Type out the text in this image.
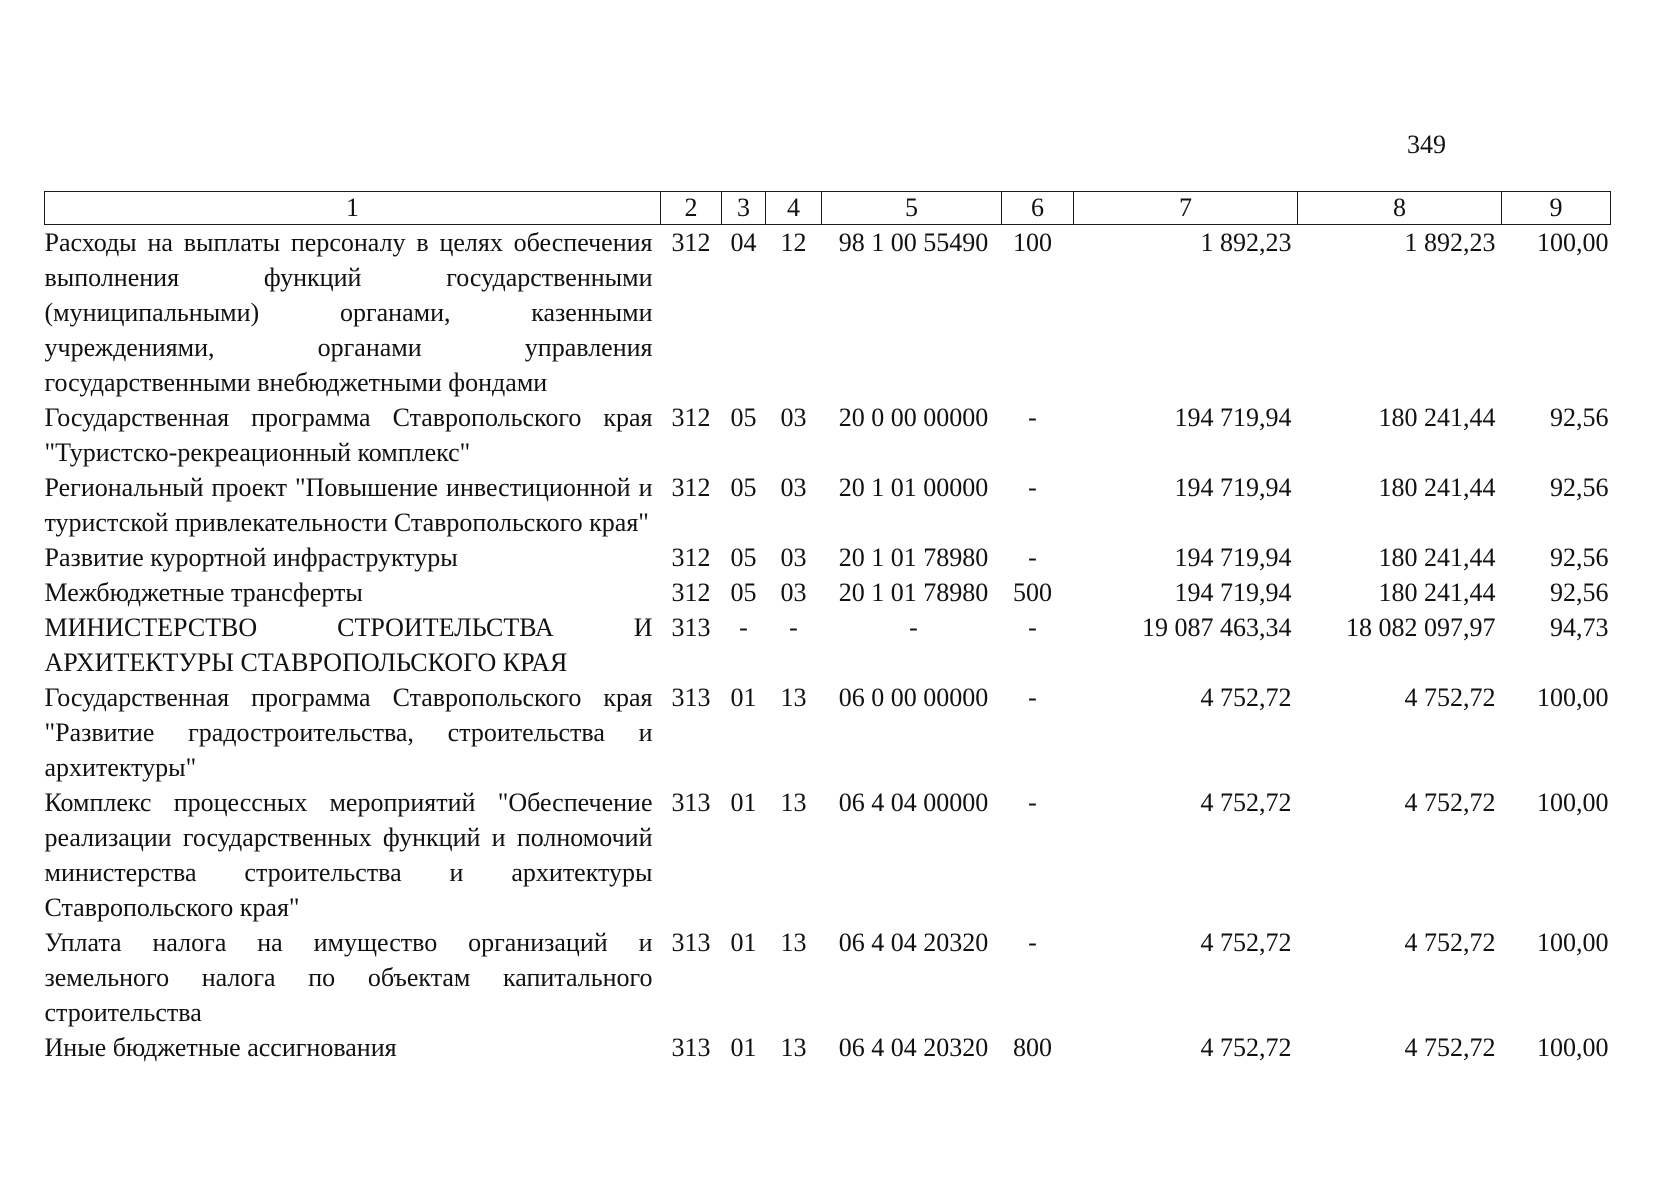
349
1	2	3	4	5	6	7	8	9
Расходы на выплаты персоналу в целях обеспечения выполнения функций государственными (муниципальными) органами, казенными учреждениями, органами управления государственными внебюджетными фондами	312	04	12	98 1 00 55490	100	1 892,23	1 892,23	100,00
Государственная программа Ставропольского края "Туристско-рекреационный комплекс"	312	05	03	20 0 00 00000	-	194 719,94	180 241,44	92,56
Региональный проект "Повышение инвестиционной и туристской привлекательности Ставропольского края"	312	05	03	20 1 01 00000	-	194 719,94	180 241,44	92,56
Развитие курортной инфраструктуры	312	05	03	20 1 01 78980	-	194 719,94	180 241,44	92,56
Межбюджетные трансферты	312	05	03	20 1 01 78980	500	194 719,94	180 241,44	92,56
МИНИСТЕРСТВО СТРОИТЕЛЬСТВА И АРХИТЕКТУРЫ СТАВРОПОЛЬСКОГО КРАЯ	313	-	-	-	-	19 087 463,34	18 082 097,97	94,73
Государственная программа Ставропольского края "Развитие градостроительства, строительства и архитектуры"	313	01	13	06 0 00 00000	-	4 752,72	4 752,72	100,00
Комплекс процессных мероприятий "Обеспечение реализации государственных функций и полномочий министерства строительства и архитектуры Ставропольского края"	313	01	13	06 4 04 00000	-	4 752,72	4 752,72	100,00
Уплата налога на имущество организаций и земельного налога по объектам капитального строительства	313	01	13	06 4 04 20320	-	4 752,72	4 752,72	100,00
Иные бюджетные ассигнования	313	01	13	06 4 04 20320	800	4 752,72	4 752,72	100,00
